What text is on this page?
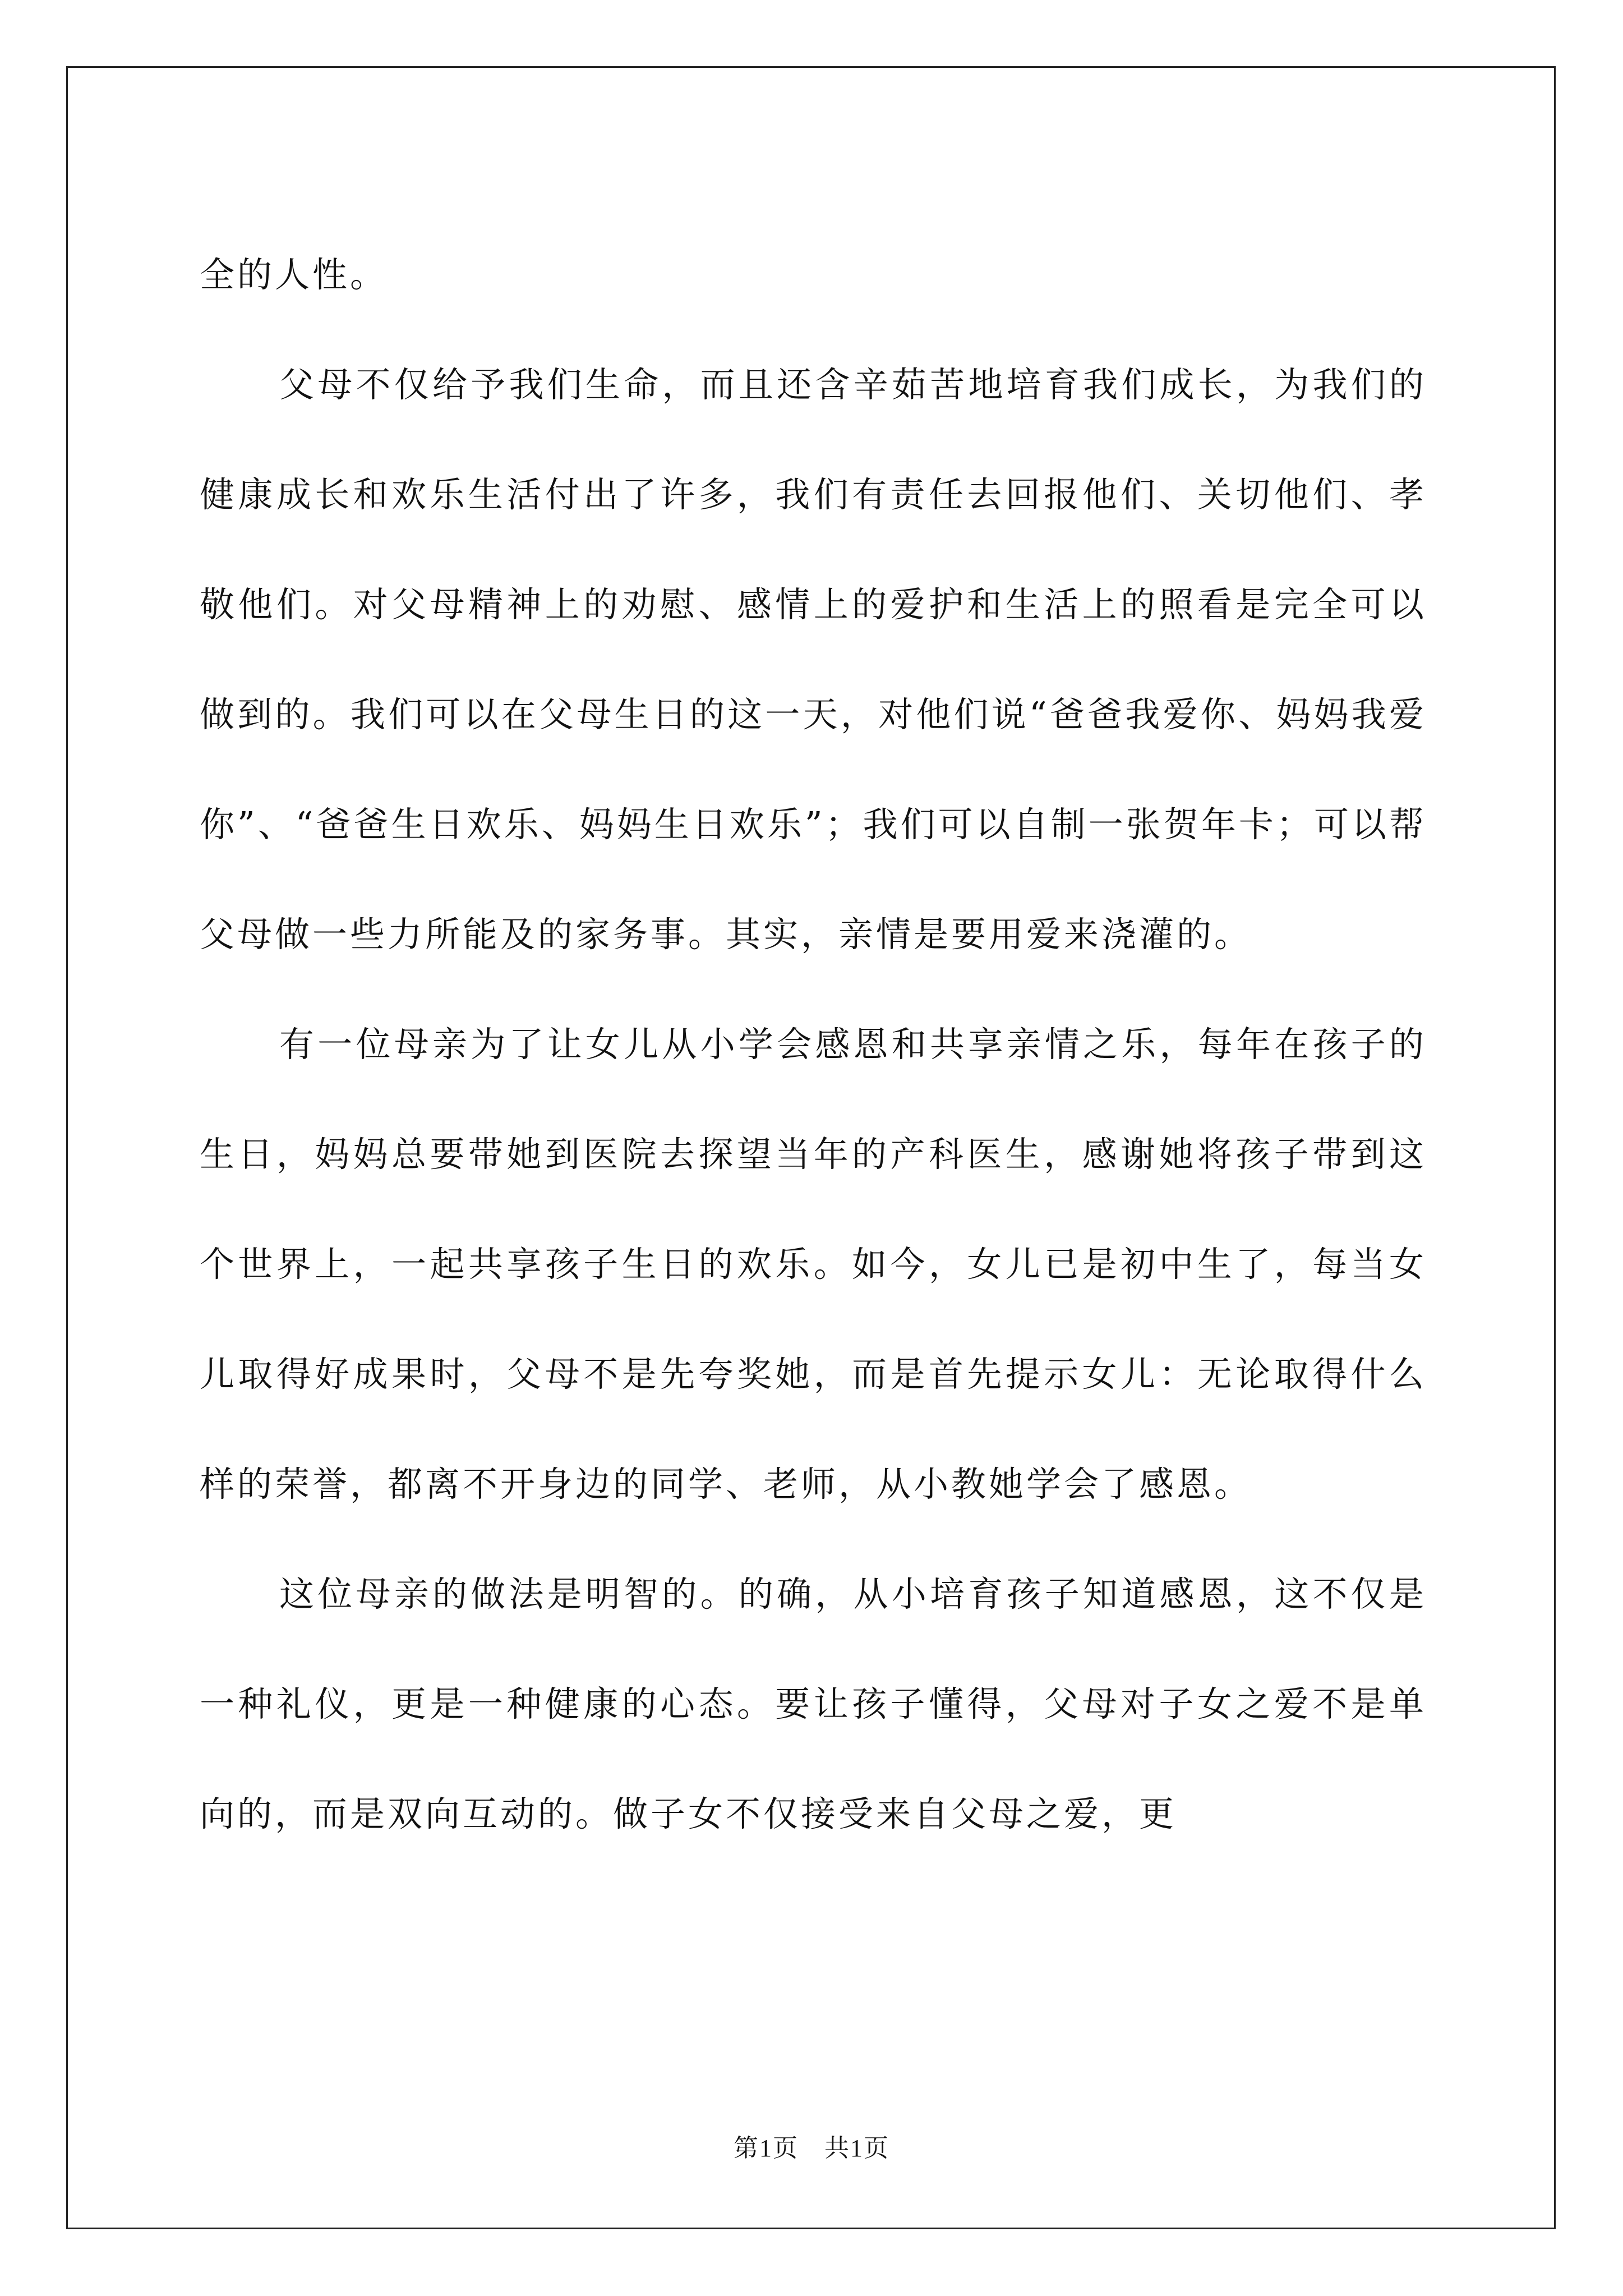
全的人性。

父母不仅给予我们生命，而且还含辛茹苦地培育我们成长，为我们的健康成长和欢乐生活付出了许多，我们有责任去回报他们、关切他们、孝敬他们。对父母精神上的劝慰、感情上的爱护和生活上的照看是完全可以做到的。我们可以在父母生日的这一天，对他们说“爸爸我爱你、妈妈我爱你”、“爸爸生日欢乐、妈妈生日欢乐”；我们可以自制一张贺年卡；可以帮父母做一些力所能及的家务事。其实，亲情是要用爱来浇灌的。

有一位母亲为了让女儿从小学会感恩和共享亲情之乐，每年在孩子的生日，妈妈总要带她到医院去探望当年的产科医生，感谢她将孩子带到这个世界上，一起共享孩子生日的欢乐。如今，女儿已是初中生了，每当女儿取得好成果时，父母不是先夸奖她，而是首先提示女儿：无论取得什么样的荣誉，都离不开身边的同学、老师，从小教她学会了感恩。

这位母亲的做法是明智的。的确，从小培育孩子知道感恩，这不仅是一种礼仪，更是一种健康的心态。要让孩子懂得，父母对子女之爱不是单向的，而是双向互动的。做子女不仅接受来自父母之爱，更

第1页　共1页
